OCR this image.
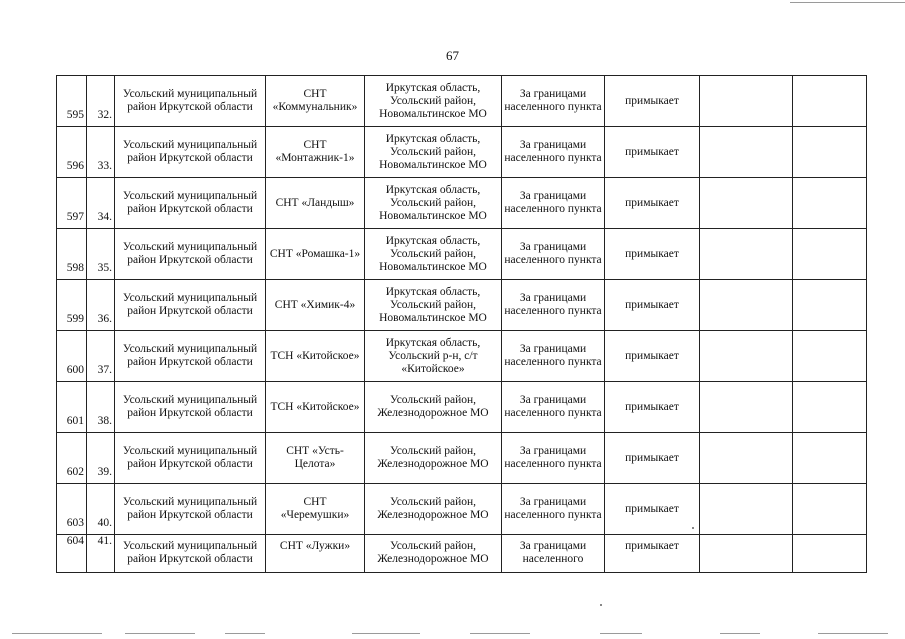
67
595	32.	Усольский муниципальный район Иркутской области	СНТ «Коммунальник»	Иркутская область, Усольский район, Новомальтинское МО	За границами населенного пункта	примыкает		
596	33.	Усольский муниципальный район Иркутской области	СНТ «Монтажник-1»	Иркутская область, Усольский район, Новомальтинское МО	За границами населенного пункта	примыкает		
597	34.	Усольский муниципальный район Иркутской области	СНТ «Ландыш»	Иркутская область, Усольский район, Новомальтинское МО	За границами населенного пункта	примыкает		
598	35.	Усольский муниципальный район Иркутской области	СНТ «Ромашка-1»	Иркутская область, Усольский район, Новомальтинское МО	За границами населенного пункта	примыкает		
599	36.	Усольский муниципальный район Иркутской области	СНТ «Химик-4»	Иркутская область, Усольский район, Новомальтинское МО	За границами населенного пункта	примыкает		
600	37.	Усольский муниципальный район Иркутской области	ТСН «Китойское»	Иркутская область, Усольский р-н, с/т «Китойское»	За границами населенного пункта	примыкает		
601	38.	Усольский муниципальный район Иркутской области	ТСН «Китойское»	Усольский район, Железнодорожное МО	За границами населенного пункта	примыкает		
602	39.	Усольский муниципальный район Иркутской области	СНТ «Усть-Целота»	Усольский район, Железнодорожное МО	За границами населенного пункта	примыкает		
603	40.	Усольский муниципальный район Иркутской области	СНТ «Черемушки»	Усольский район, Железнодорожное МО	За границами населенного пункта	примыкает		
604	41.	Усольский муниципальный район Иркутской области	СНТ «Лужки»	Усольский район, Железнодорожное МО	За границами населенного	примыкает		
